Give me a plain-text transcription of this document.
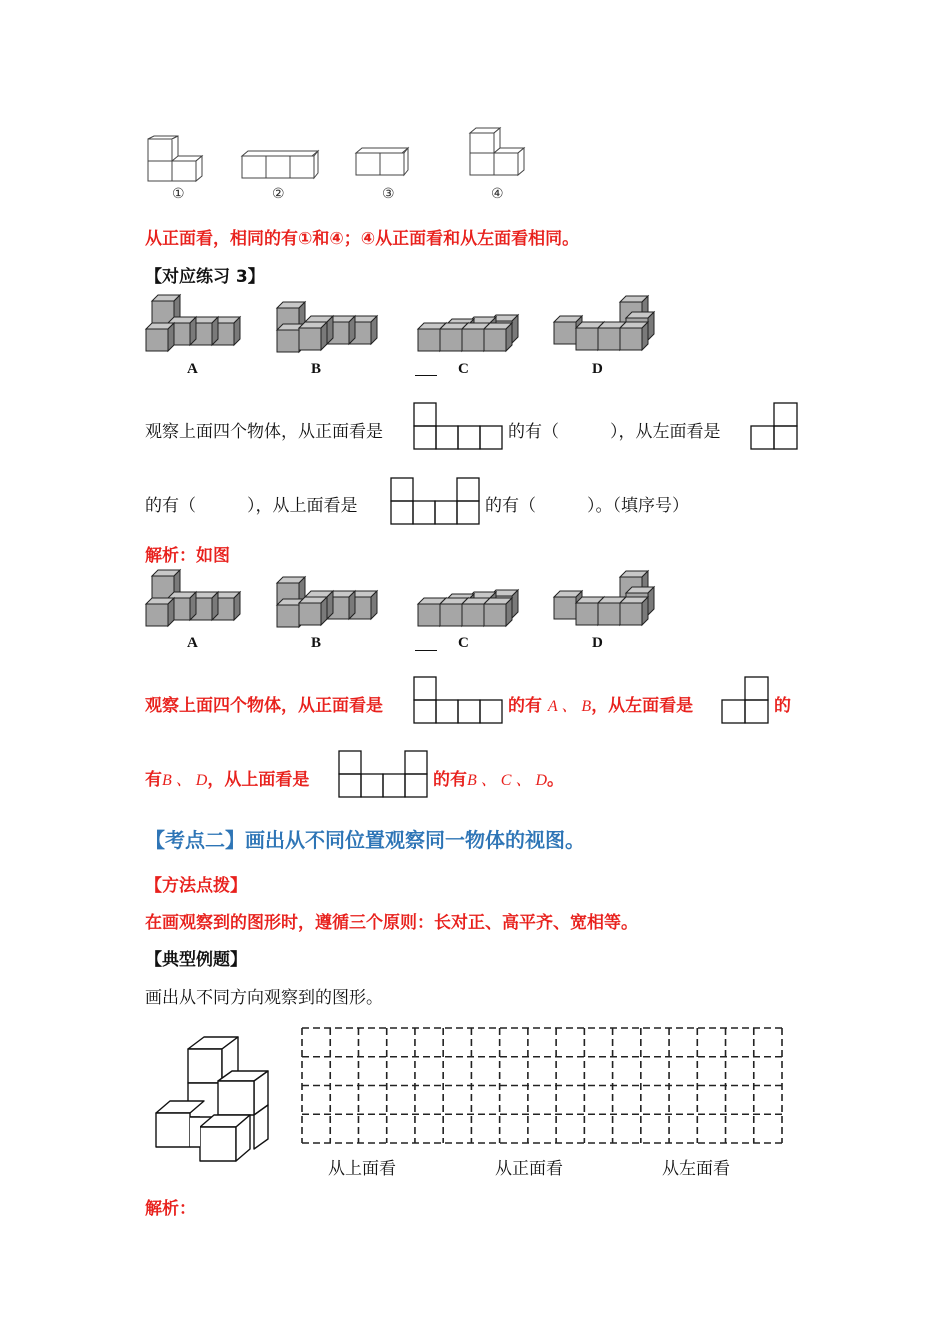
①	②	③	④
从正面看，相同的有①和④；④从正面看和从左面看相同。
【对应练习 3】
A	B	C	D
观察上面四个物体，从正面看是	的有（　　　），从左面看是
的有（　　　），从上面看是	的有（　　　）。（填序号）
解析：如图
A	B	C	D
观察上面四个物体，从正面看是	的有 A 、 B，从左面看是	的
有B 、 D，从上面看是	的有B 、 C 、 D。
【考点二】画出从不同位置观察同一物体的视图。
【方法点拨】
在画观察到的图形时，遵循三个原则：长对正、高平齐、宽相等。
【典型例题】
画出从不同方向观察到的图形。
从上面看	从正面看	从左面看
解析：
